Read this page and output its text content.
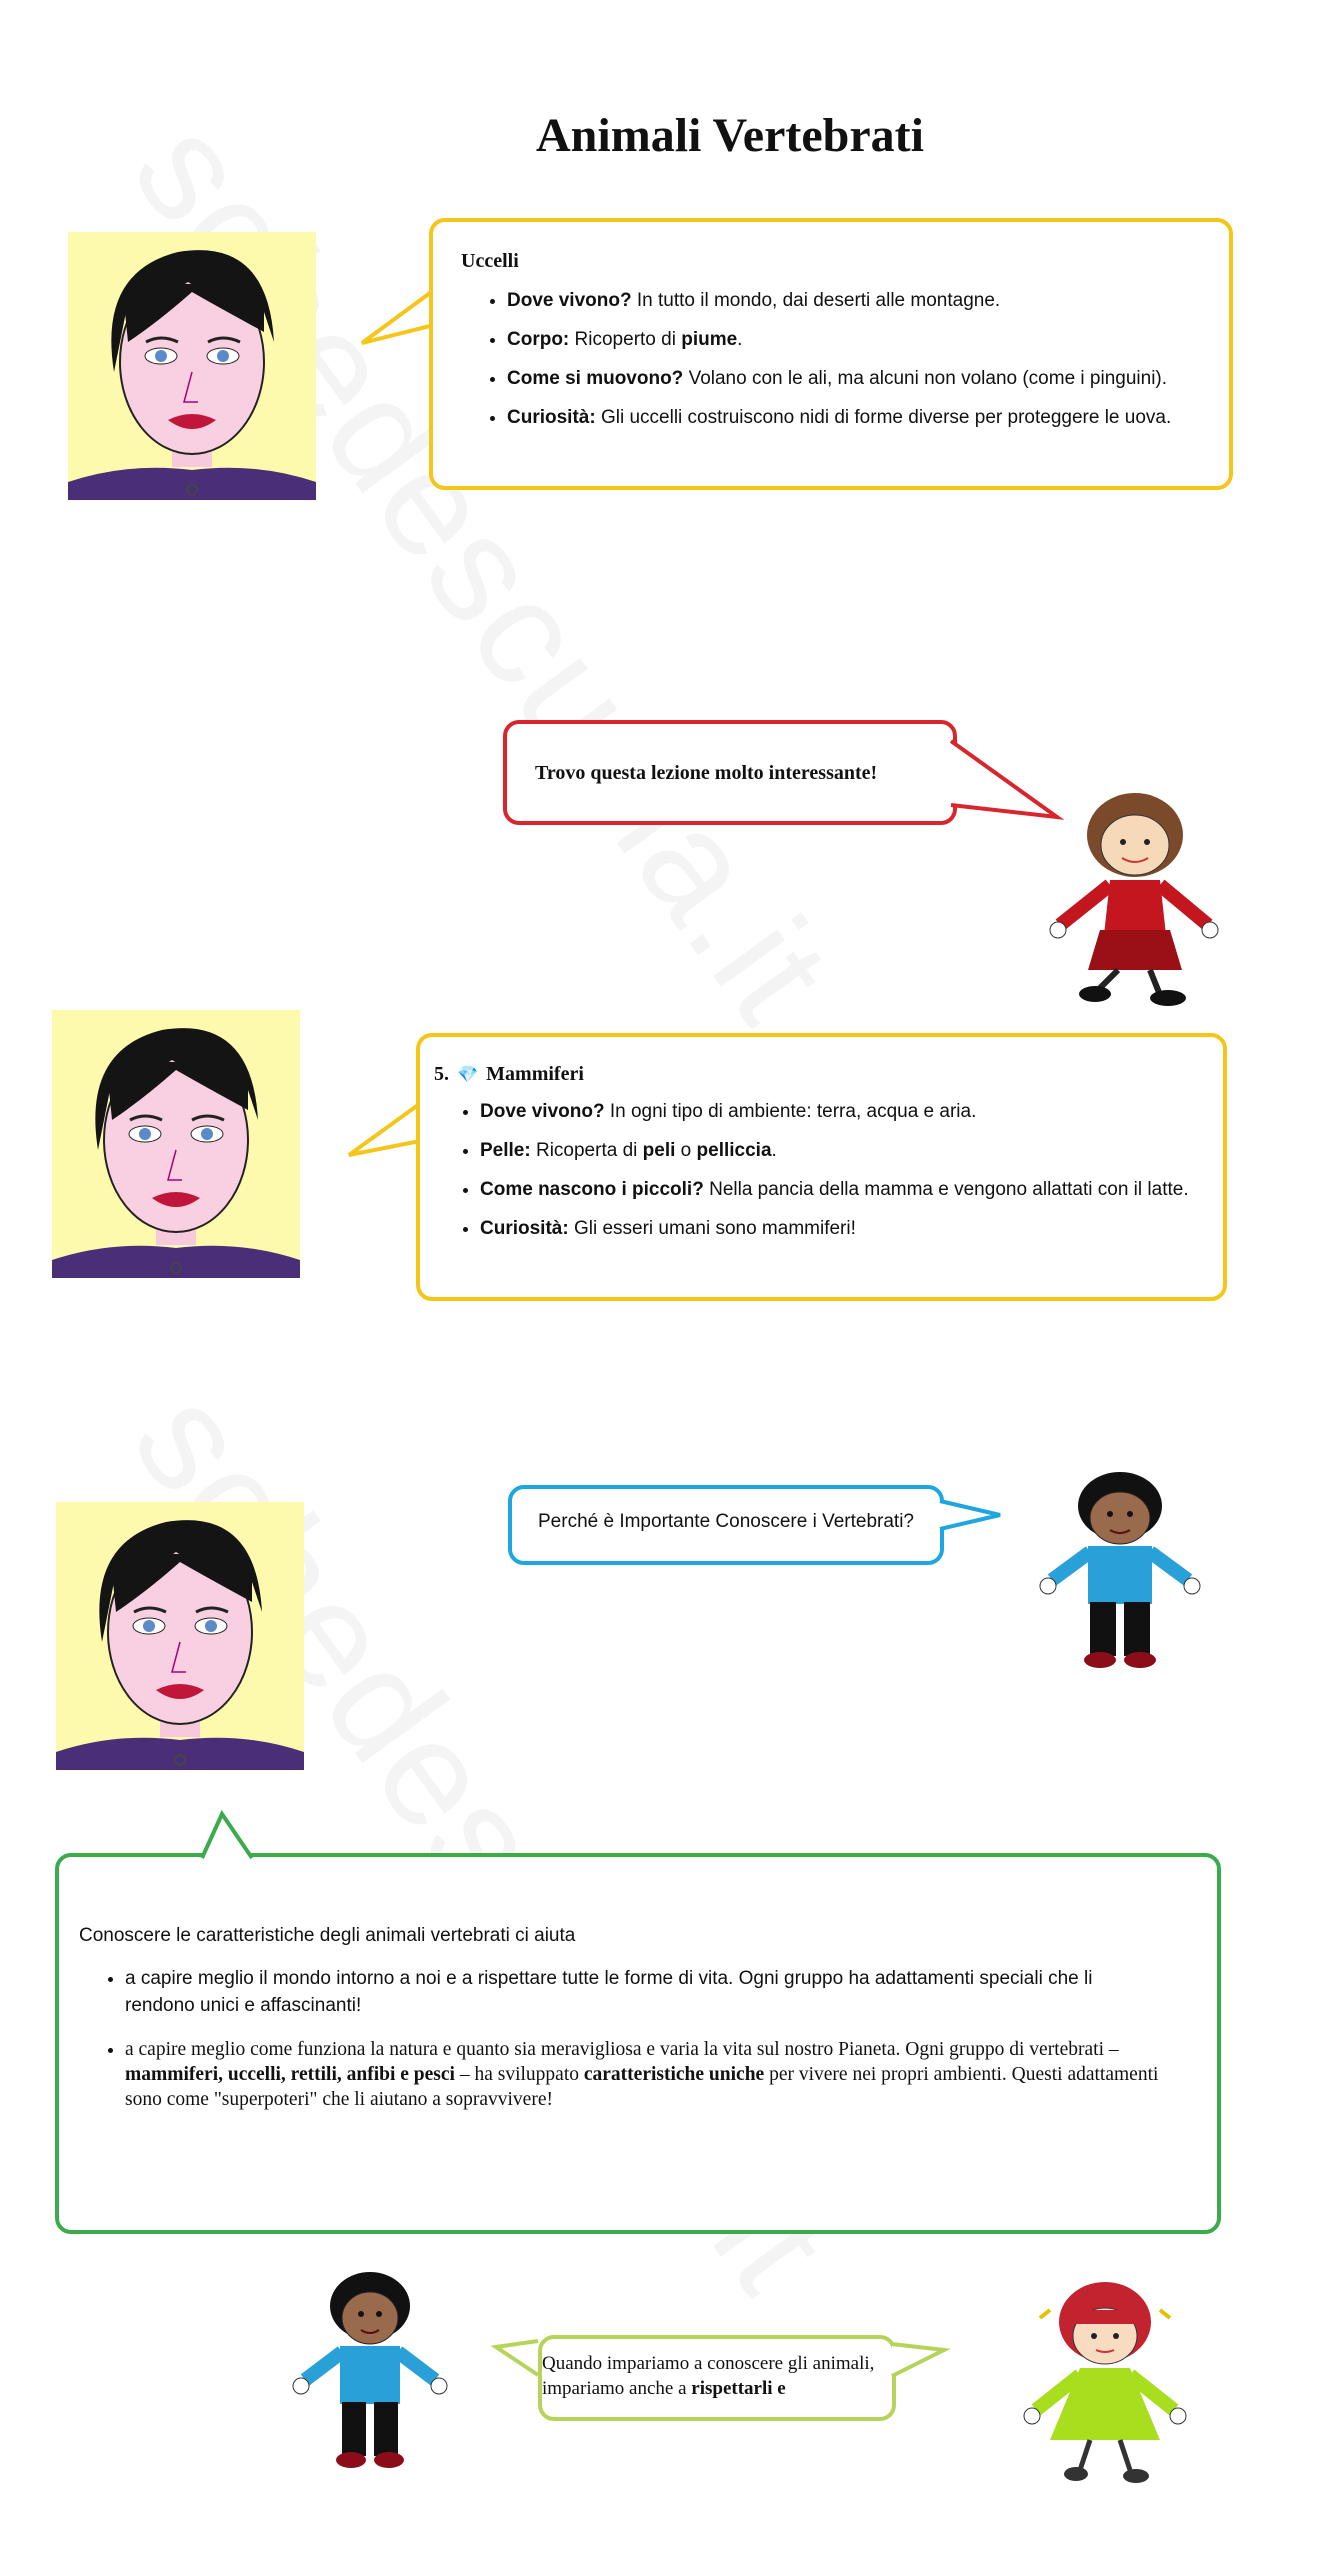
Animali Vertebrati
Uccelli
• Dove vivono? In tutto il mondo, dai deserti alle montagne.
• Corpo: Ricoperto di piume.
• Come si muovono? Volano con le ali, ma alcuni non volano (come i pinguini).
• Curiosità: Gli uccelli costruiscono nidi di forme diverse per proteggere le uova.
Trovo questa lezione molto interessante!
5. 💎 Mammiferi
• Dove vivono? In ogni tipo di ambiente: terra, acqua e aria.
• Pelle: Ricoperta di peli o pelliccia.
• Come nascono i piccoli? Nella pancia della mamma e vengono allattati con il latte.
• Curiosità: Gli esseri umani sono mammiferi!
Perché è Importante Conoscere i Vertebrati?
Conoscere le caratteristiche degli animali vertebrati ci aiuta
• a capire meglio il mondo intorno a noi e a rispettare tutte le forme di vita. Ogni gruppo ha adattamenti speciali che li rendono unici e affascinanti!
• a capire meglio come funziona la natura e quanto sia meravigliosa e varia la vita sul nostro Pianeta. Ogni gruppo di vertebrati – mammiferi, uccelli, rettili, anfibi e pesci – ha sviluppato caratteristiche uniche per vivere nei propri ambienti. Questi adattamenti sono come "superpoteri" che li aiutano a sopravvivere!
Quando impariamo a conoscere gli animali, impariamo anche a rispettarli e
